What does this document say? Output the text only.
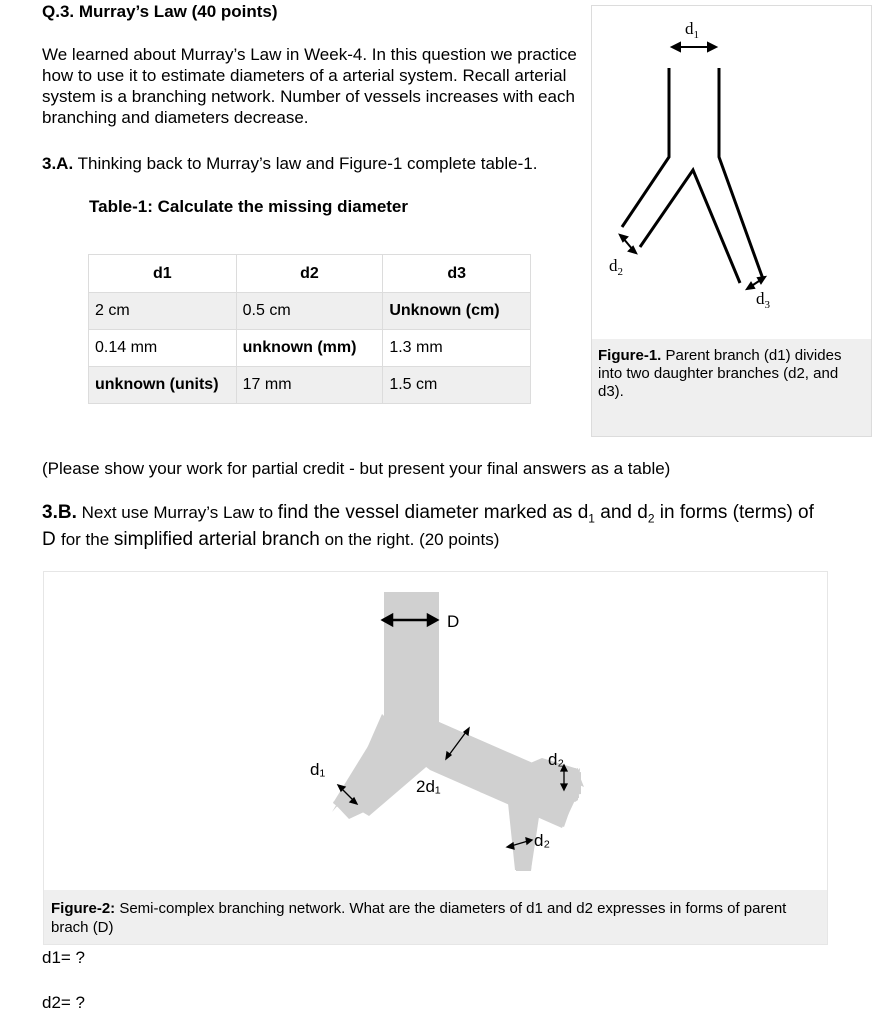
Q.3. Murray’s Law (40 points)
We learned about Murray’s Law in Week-4. In this question we practice how to use it to estimate diameters of a arterial system. Recall arterial system is a branching network. Number of vessels increases with each branching and diameters decrease.
3.A. Thinking back to Murray’s law and Figure-1 complete table-1.
Table-1: Calculate the missing diameter
d1	d2	d3
2 cm	0.5 cm	Unknown (cm)
0.14 mm	unknown (mm)	1.3 mm
unknown (units)	17 mm	1.5 cm
$d_1$
$d_2$
$d_3$
Figure-1. Parent branch (d1) divides into two daughter branches (d2, and d3).
(Please show your work for partial credit - but present your final answers as a table)
3.B. Next use Murray’s Law to find the vessel diameter marked as $d_1$ and $d_2$ in forms (terms) of D for the simplified arterial branch on the right. (20 points)
D
d₁
2d₁
d₂
d₂
Figure-2: Semi-complex branching network. What are the diameters of d1 and d2 expresses in forms of parent brach (D)
d1= ?
d2= ?
